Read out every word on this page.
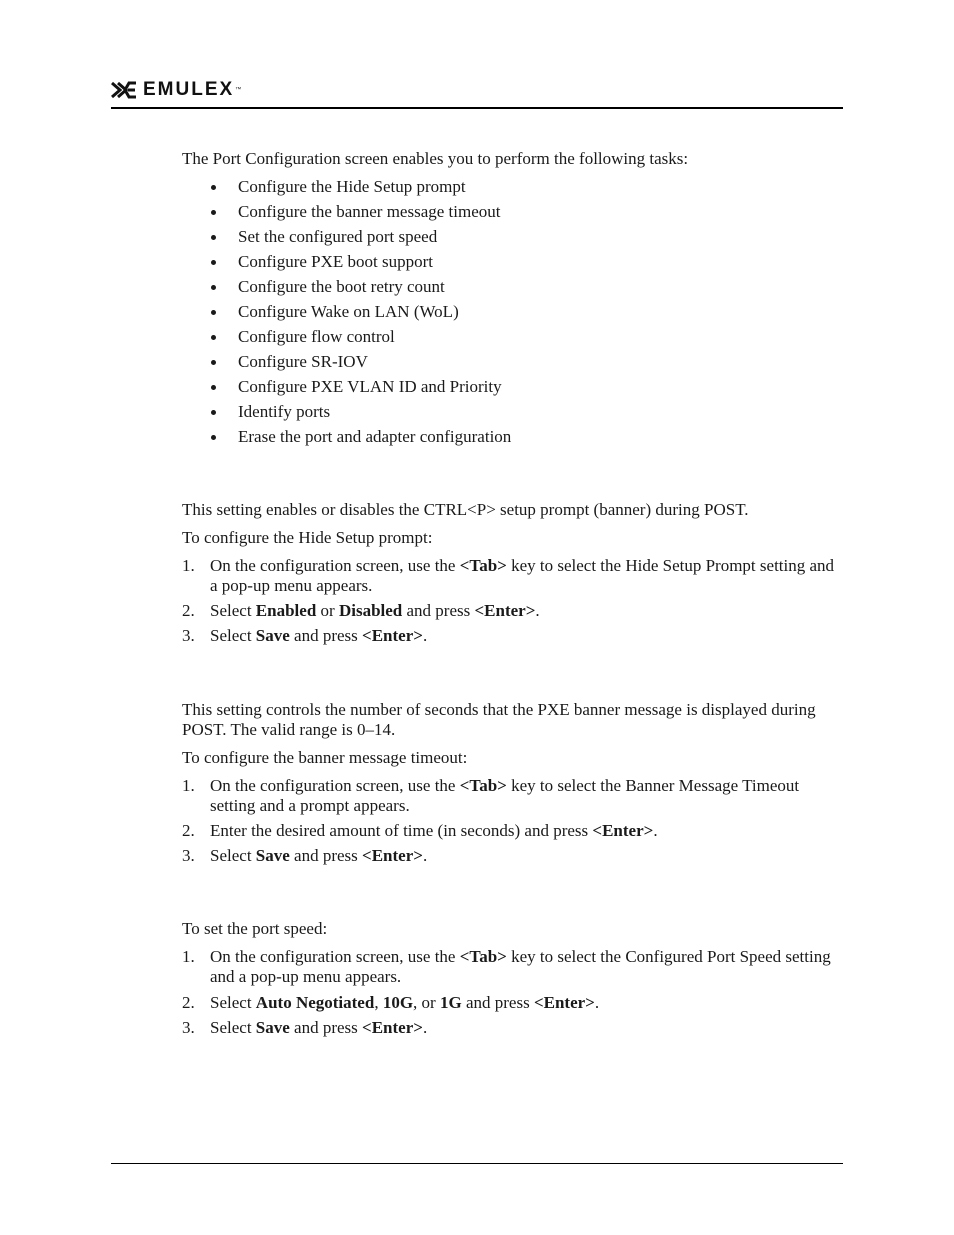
EMULEX ™
The Port Configuration screen enables you to perform the following tasks:
Configure the Hide Setup prompt
Configure the banner message timeout
Set the configured port speed
Configure PXE boot support
Configure the boot retry count
Configure Wake on LAN (WoL)
Configure flow control
Configure SR-IOV
Configure PXE VLAN ID and Priority
Identify ports
Erase the port and adapter configuration
This setting enables or disables the CTRL<P> setup prompt (banner) during POST.
To configure the Hide Setup prompt:
1. On the configuration screen, use the <Tab> key to select the Hide Setup Prompt setting and a pop-up menu appears.
2. Select Enabled or Disabled and press <Enter>.
3. Select Save and press <Enter>.
This setting controls the number of seconds that the PXE banner message is displayed during POST. The valid range is 0–14.
To configure the banner message timeout:
1. On the configuration screen, use the <Tab> key to select the Banner Message Timeout setting and a prompt appears.
2. Enter the desired amount of time (in seconds) and press <Enter>.
3. Select Save and press <Enter>.
To set the port speed:
1. On the configuration screen, use the <Tab> key to select the Configured Port Speed setting and a pop-up menu appears.
2. Select Auto Negotiated, 10G, or 1G and press <Enter>.
3. Select Save and press <Enter>.
